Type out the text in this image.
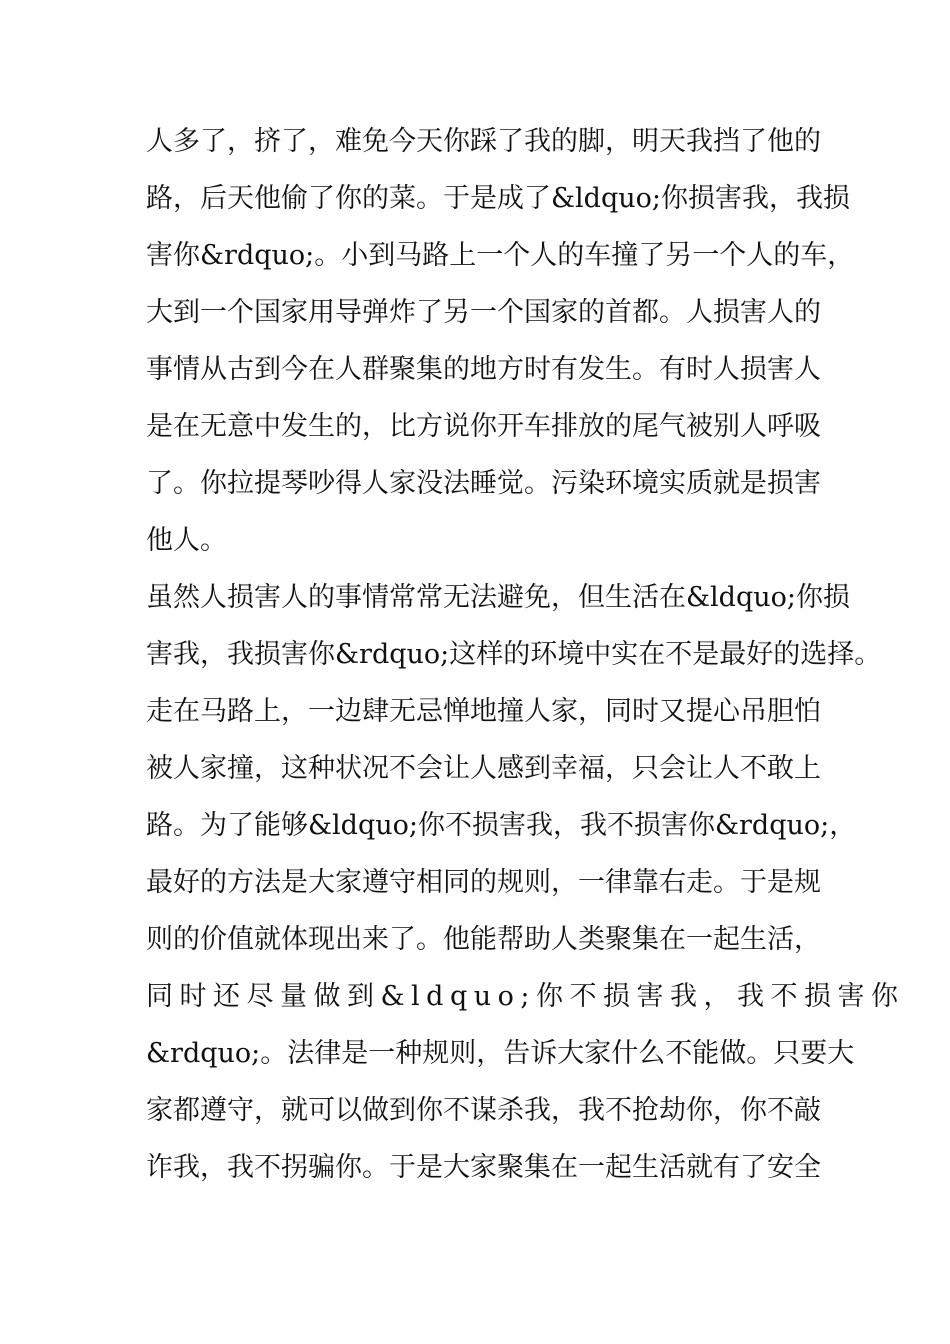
人多了，挤了，难免今天你踩了我的脚，明天我挡了他的
路，后天他偷了你的菜。于是成了&ldquo;你损害我，我损
害你&rdquo;。小到马路上一个人的车撞了另一个人的车，
大到一个国家用导弹炸了另一个国家的首都。人损害人的
事情从古到今在人群聚集的地方时有发生。有时人损害人
是在无意中发生的，比方说你开车排放的尾气被别人呼吸
了。你拉提琴吵得人家没法睡觉。污染环境实质就是损害
他人。
虽然人损害人的事情常常无法避免，但生活在&ldquo;你损
害我，我损害你&rdquo;这样的环境中实在不是最好的选择。
走在马路上，一边肆无忌惮地撞人家，同时又提心吊胆怕
被人家撞，这种状况不会让人感到幸福，只会让人不敢上
路。为了能够&ldquo;你不损害我，我不损害你&rdquo;，
最好的方法是大家遵守相同的规则，一律靠右走。于是规
则的价值就体现出来了。他能帮助人类聚集在一起生活，
同时还尽量做到&ldquo;你不损害我，我不损害你
&rdquo;。法律是一种规则，告诉大家什么不能做。只要大
家都遵守，就可以做到你不谋杀我，我不抢劫你，你不敲
诈我，我不拐骗你。于是大家聚集在一起生活就有了安全
